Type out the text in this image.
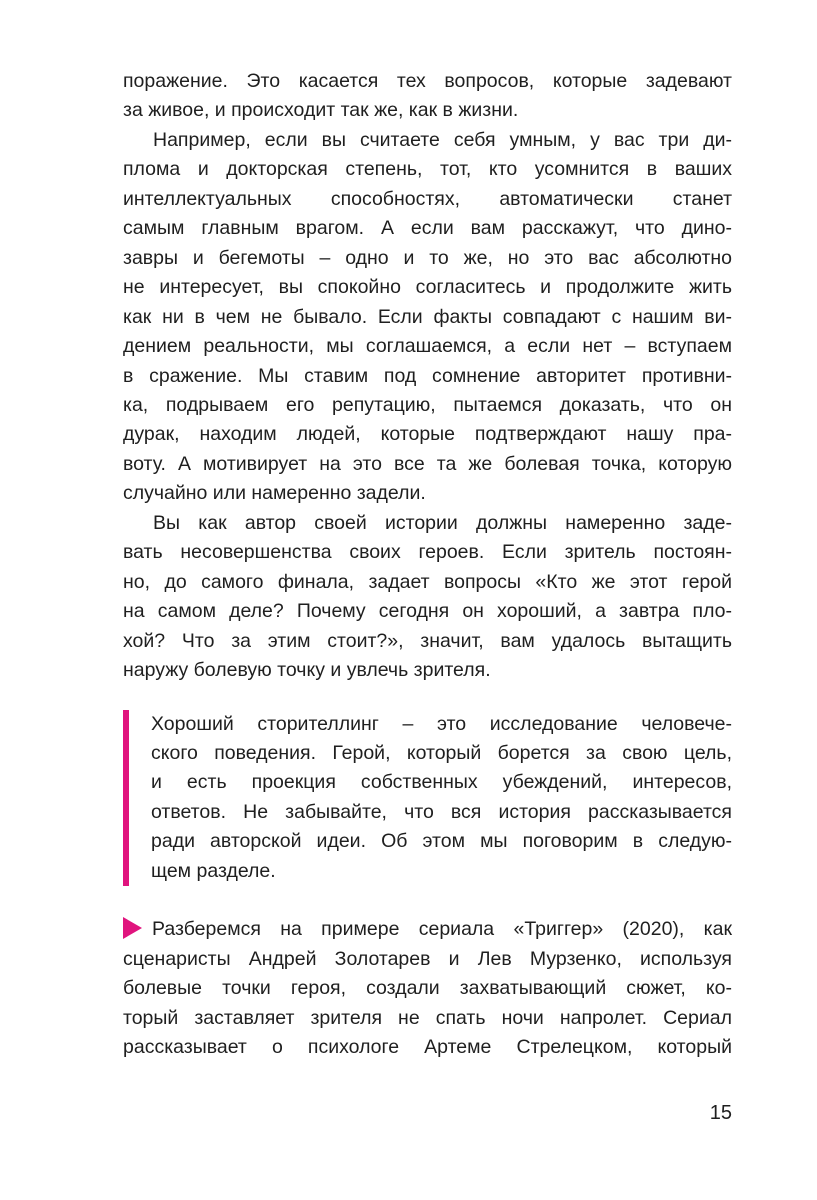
поражение. Это касается тех вопросов, которые задевают
за живое, и происходит так же, как в жизни.
Например, если вы считаете себя умным, у вас три ди-
плома и докторская степень, тот, кто усомнится в ваших
интеллектуальных способностях, автоматически станет
самым главным врагом. А если вам расскажут, что дино-
завры и бегемоты – одно и то же, но это вас абсолютно
не интересует, вы спокойно согласитесь и продолжите жить
как ни в чем не бывало. Если факты совпадают с нашим ви-
дением реальности, мы соглашаемся, а если нет – вступаем
в сражение. Мы ставим под сомнение авторитет противни-
ка, подрываем его репутацию, пытаемся доказать, что он
дурак, находим людей, которые подтверждают нашу пра-
воту. А мотивирует на это все та же болевая точка, которую
случайно или намеренно задели.
Вы как автор своей истории должны намеренно заде-
вать несовершенства своих героев. Если зритель постоян-
но, до самого финала, задает вопросы «Кто же этот герой
на самом деле? Почему сегодня он хороший, а завтра пло-
хой? Что за этим стоит?», значит, вам удалось вытащить
наружу болевую точку и увлечь зрителя.
Хороший сторителлинг – это исследование человече-
ского поведения. Герой, который борется за свою цель,
и есть проекция собственных убеждений, интересов,
ответов. Не забывайте, что вся история рассказывается
ради авторской идеи. Об этом мы поговорим в следую-
щем разделе.
Разберемся на примере сериала «Триггер» (2020), как
сценаристы Андрей Золотарев и Лев Мурзенко, используя
болевые точки героя, создали захватывающий сюжет, ко-
торый заставляет зрителя не спать ночи напролет. Сериал
рассказывает о психологе Артеме Стрелецком, который
15
